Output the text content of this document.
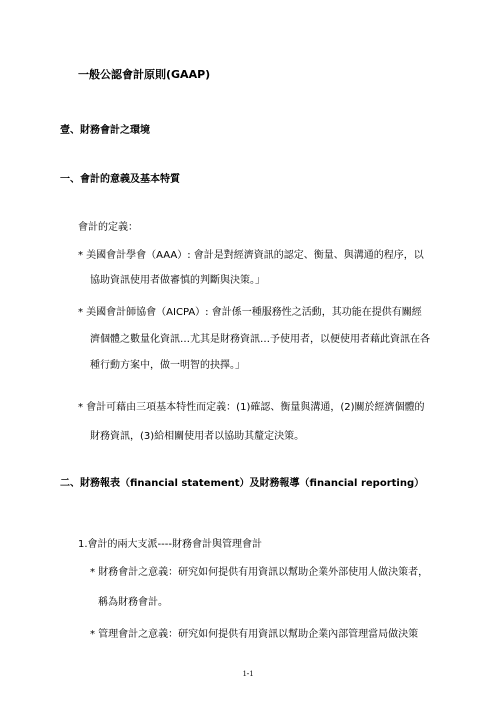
一般公認會計原則(GAAP)
壹、財務會計之環境
一、會計的意義及基本特質
會計的定義：
* 美國會計學會（AAA）: 會計是對經濟資訊的認定、衡量、與溝通的程序，以
協助資訊使用者做審慎的判斷與決策。」
* 美國會計師協會（AICPA）: 會計係一種服務性之活動，其功能在提供有關經
濟個體之數量化資訊…尤其是財務資訊…予使用者，以便使用者藉此資訊在各
種行動方案中，做一明智的抉擇。」
* 會計可藉由三項基本特性而定義：(1)確認、衡量與溝通，(2)關於經濟個體的
財務資訊，(3)給相關使用者以協助其釐定決策。
二、財務報表（financial statement）及財務報導（financial reporting）
1.會計的兩大支派----財務會計與管理會計
* 財務會計之意義：研究如何提供有用資訊以幫助企業外部使用人做決策者，
稱為財務會計。
* 管理會計之意義：研究如何提供有用資訊以幫助企業內部管理當局做決策
1-1
